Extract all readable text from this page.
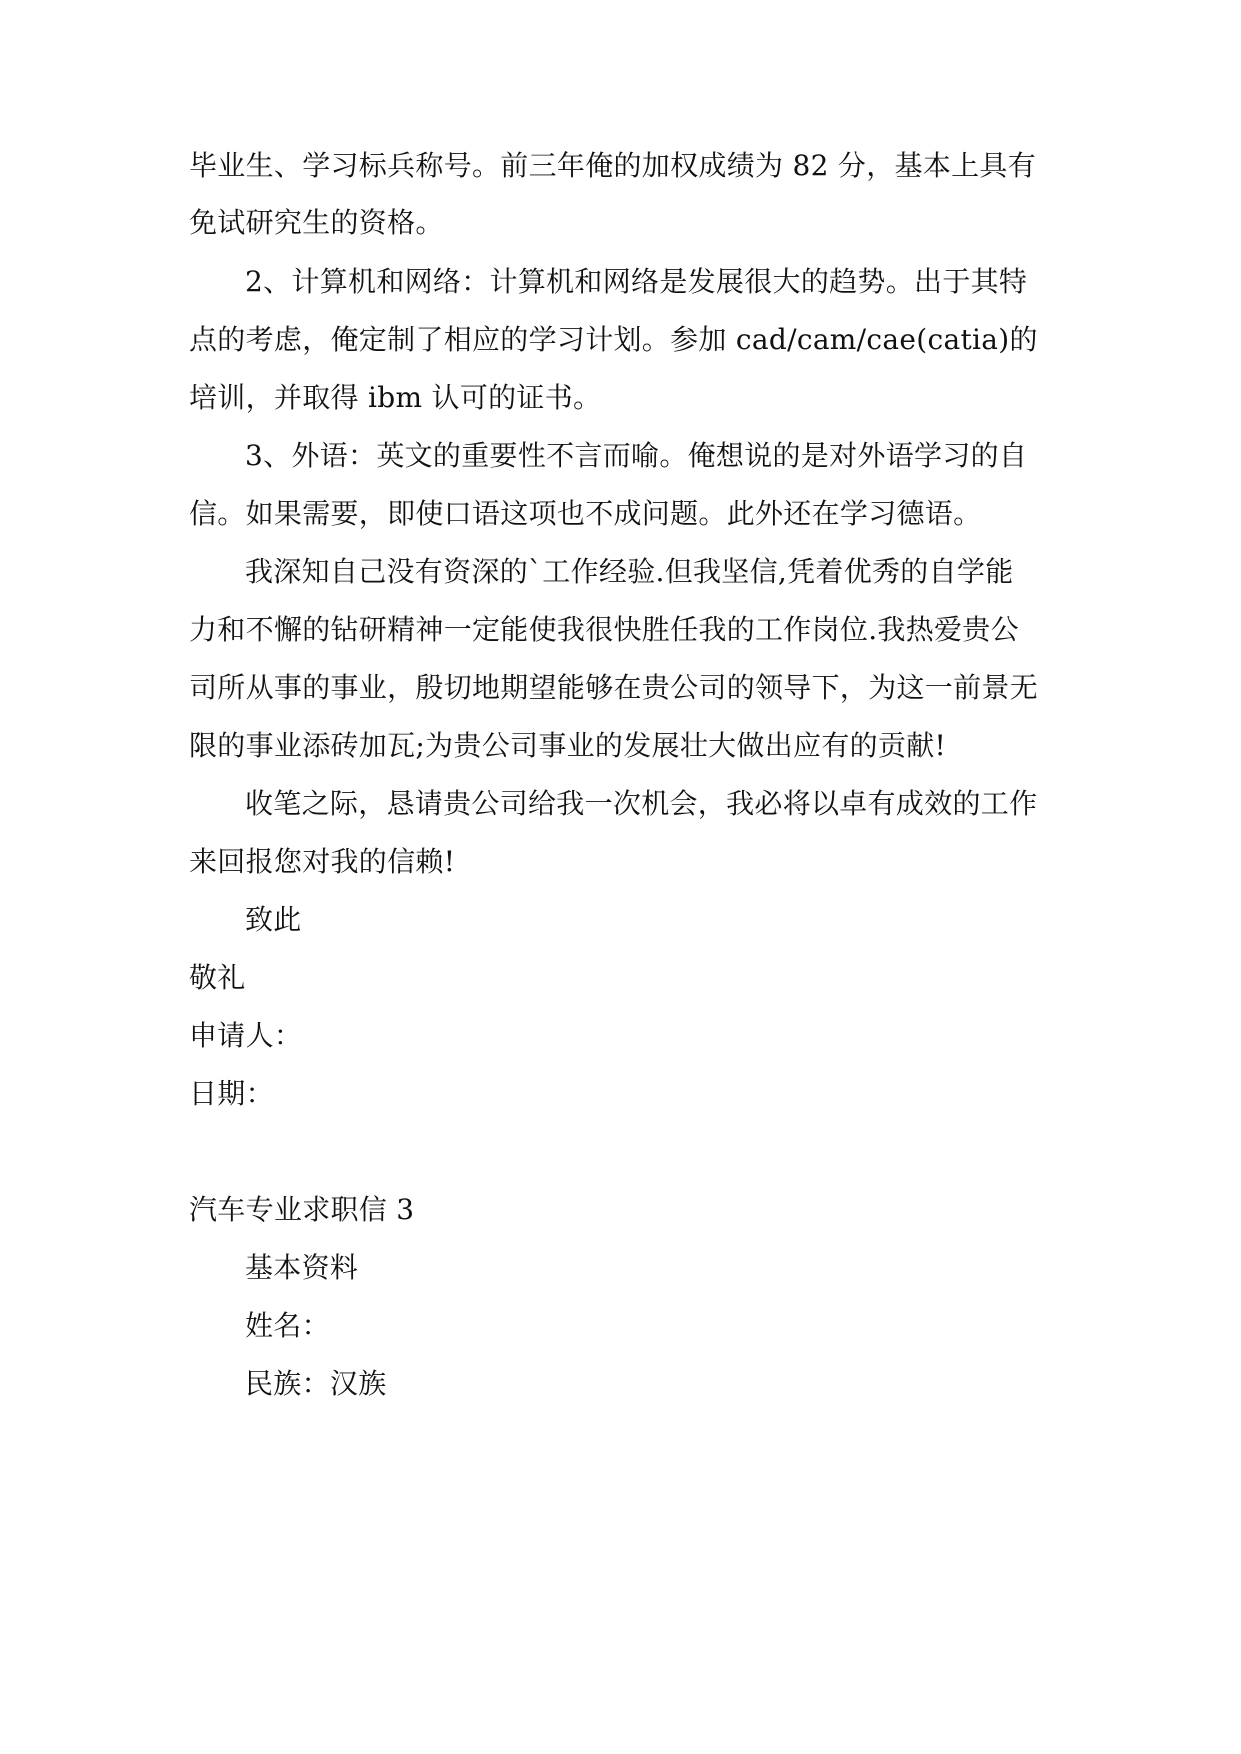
毕业生、学习标兵称号。前三年俺的加权成绩为 82 分，基本上具有
免试研究生的资格。
2、计算机和网络：计算机和网络是发展很大的趋势。出于其特
点的考虑，俺定制了相应的学习计划。参加 cad/cam/cae(catia)的
培训，并取得 ibm 认可的证书。
3、外语：英文的重要性不言而喻。俺想说的是对外语学习的自
信。如果需要，即使口语这项也不成问题。此外还在学习德语。
我深知自己没有资深的`工作经验.但我坚信,凭着优秀的自学能
力和不懈的钻研精神一定能使我很快胜任我的工作岗位.我热爱贵公
司所从事的事业，殷切地期望能够在贵公司的领导下，为这一前景无
限的事业添砖加瓦;为贵公司事业的发展壮大做出应有的贡献!
收笔之际，恳请贵公司给我一次机会，我必将以卓有成效的工作
来回报您对我的信赖!
致此
敬礼
申请人：
日期：
汽车专业求职信 3
基本资料
姓名：
民族：汉族
